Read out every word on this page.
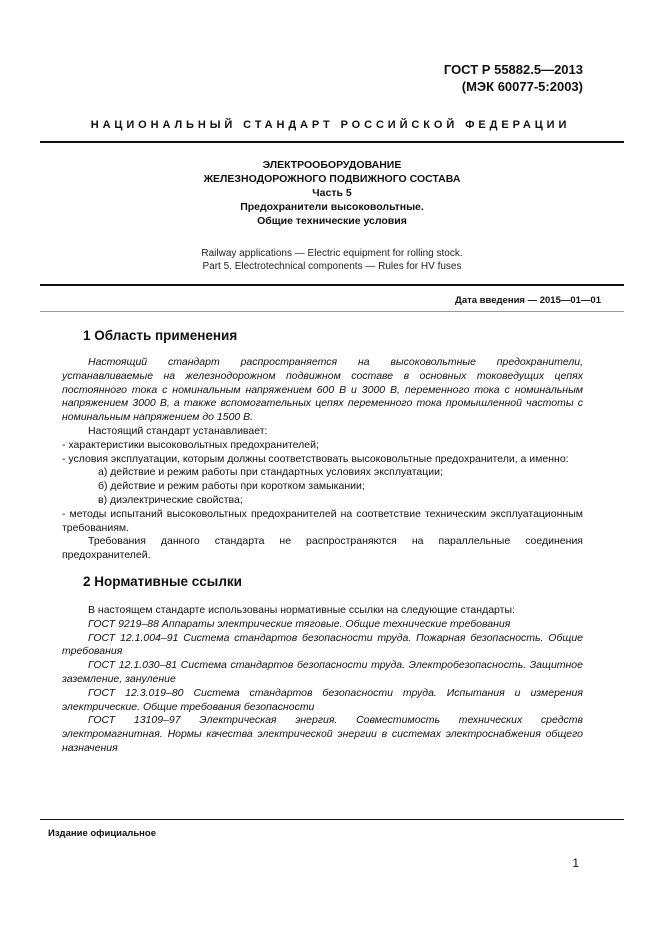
ГОСТ Р 55882.5—2013
(МЭК 60077-5:2003)
НАЦИОНАЛЬНЫЙ СТАНДАРТ РОССИЙСКОЙ ФЕДЕРАЦИИ
ЭЛЕКТРООБОРУДОВАНИЕ
ЖЕЛЕЗНОДОРОЖНОГО ПОДВИЖНОГО СОСТАВА
Часть 5
Предохранители высоковольтные.
Общие технические условия
Railway applications — Electric equipment for rolling stock.
Part 5. Electrotechnical components — Rules for HV fuses
Дата введения — 2015—01—01
1 Область применения

Настоящий стандарт распространяется на высоковольтные предохранители, устанавливаемые на железнодорожном подвижном составе в основных токоведущих цепях постоянного тока с номинальным напряжением 600 В и 3000 В, переменного тока с номинальным напряжением 3000 В, а также вспомогательных цепях переменного тока промышленной частоты с номинальным напряжением до 1500 В.

Настоящий стандарт устанавливает:

- характеристики высоковольтных предохранителей;

- условия эксплуатации, которым должны соответствовать высоковольтные предохранители, а именно:

а) действие и режим работы при стандартных условиях эксплуатации;

б) действие и режим работы при коротком замыкании;

в) диэлектрические свойства;

- методы испытаний высоковольтных предохранителей на соответствие техническим эксплуатационным требованиям.

Требования данного стандарта не распространяются на параллельные соединения предохранителей.

2 Нормативные ссылки

В настоящем стандарте использованы нормативные ссылки на следующие стандарты:

ГОСТ 9219–88 Аппараты электрические тяговые. Общие технические требования

ГОСТ 12.1.004–91 Система стандартов безопасности труда. Пожарная безопасность. Общие требования

ГОСТ 12.1.030–81 Система стандартов безопасности труда. Электробезопасность. Защитное заземление, зануление

ГОСТ 12.3.019–80 Система стандартов безопасности труда. Испытания и измерения электрические. Общие требования безопасности

ГОСТ 13109–97 Электрическая энергия. Совместимость технических средств электромагнитная. Нормы качества электрической энергии в системах электроснабжения общего назначения

Издание официальное
1
